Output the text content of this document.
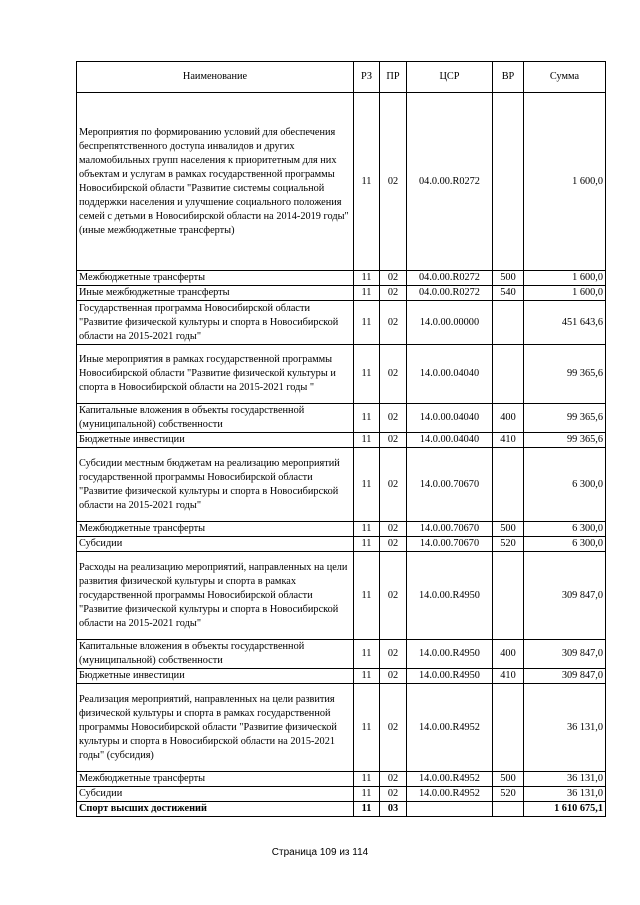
Наименование	РЗ	ПР	ЦСР	ВР	Сумма
Мероприятия по формированию условий для обеспечения беспрепятственного доступа инвалидов и других маломобильных групп населения к приоритетным для них объектам и услугам в рамках государственной программы Новосибирской области "Развитие системы социальной поддержки населения и улучшение социального положения семей с детьми в Новосибирской области на 2014-2019 годы" (иные межбюджетные трансферты)	11	02	04.0.00.R0272		1 600,0
Межбюджетные трансферты	11	02	04.0.00.R0272	500	1 600,0
Иные межбюджетные трансферты	11	02	04.0.00.R0272	540	1 600,0
Государственная программа Новосибирской области "Развитие физической культуры и спорта в Новосибирской области на 2015-2021 годы"	11	02	14.0.00.00000		451 643,6
Иные мероприятия в рамках государственной программы Новосибирской области "Развитие физической культуры и спорта в Новосибирской области на 2015-2021 годы "	11	02	14.0.00.04040		99 365,6
Капитальные вложения в объекты государственной (муниципальной) собственности	11	02	14.0.00.04040	400	99 365,6
Бюджетные инвестиции	11	02	14.0.00.04040	410	99 365,6
Субсидии местным бюджетам на реализацию мероприятий государственной программы Новосибирской области "Развитие физической культуры и спорта в Новосибирской области на 2015-2021 годы"	11	02	14.0.00.70670		6 300,0
Межбюджетные трансферты	11	02	14.0.00.70670	500	6 300,0
Субсидии	11	02	14.0.00.70670	520	6 300,0
Расходы на реализацию мероприятий, направленных на цели развития физической культуры и спорта в рамках государственной программы Новосибирской области "Развитие физической культуры и спорта в Новосибирской области на 2015-2021 годы"	11	02	14.0.00.R4950		309 847,0
Капитальные вложения в объекты государственной (муниципальной) собственности	11	02	14.0.00.R4950	400	309 847,0
Бюджетные инвестиции	11	02	14.0.00.R4950	410	309 847,0
Реализация мероприятий, направленных на цели развития физической культуры и спорта в рамках государственной программы Новосибирской области "Развитие физической культуры и спорта в Новосибирской области на 2015-2021 годы" (субсидия)	11	02	14.0.00.R4952		36 131,0
Межбюджетные трансферты	11	02	14.0.00.R4952	500	36 131,0
Субсидии	11	02	14.0.00.R4952	520	36 131,0
Спорт высших достижений	11	03			1 610 675,1
Страница 109 из 114
